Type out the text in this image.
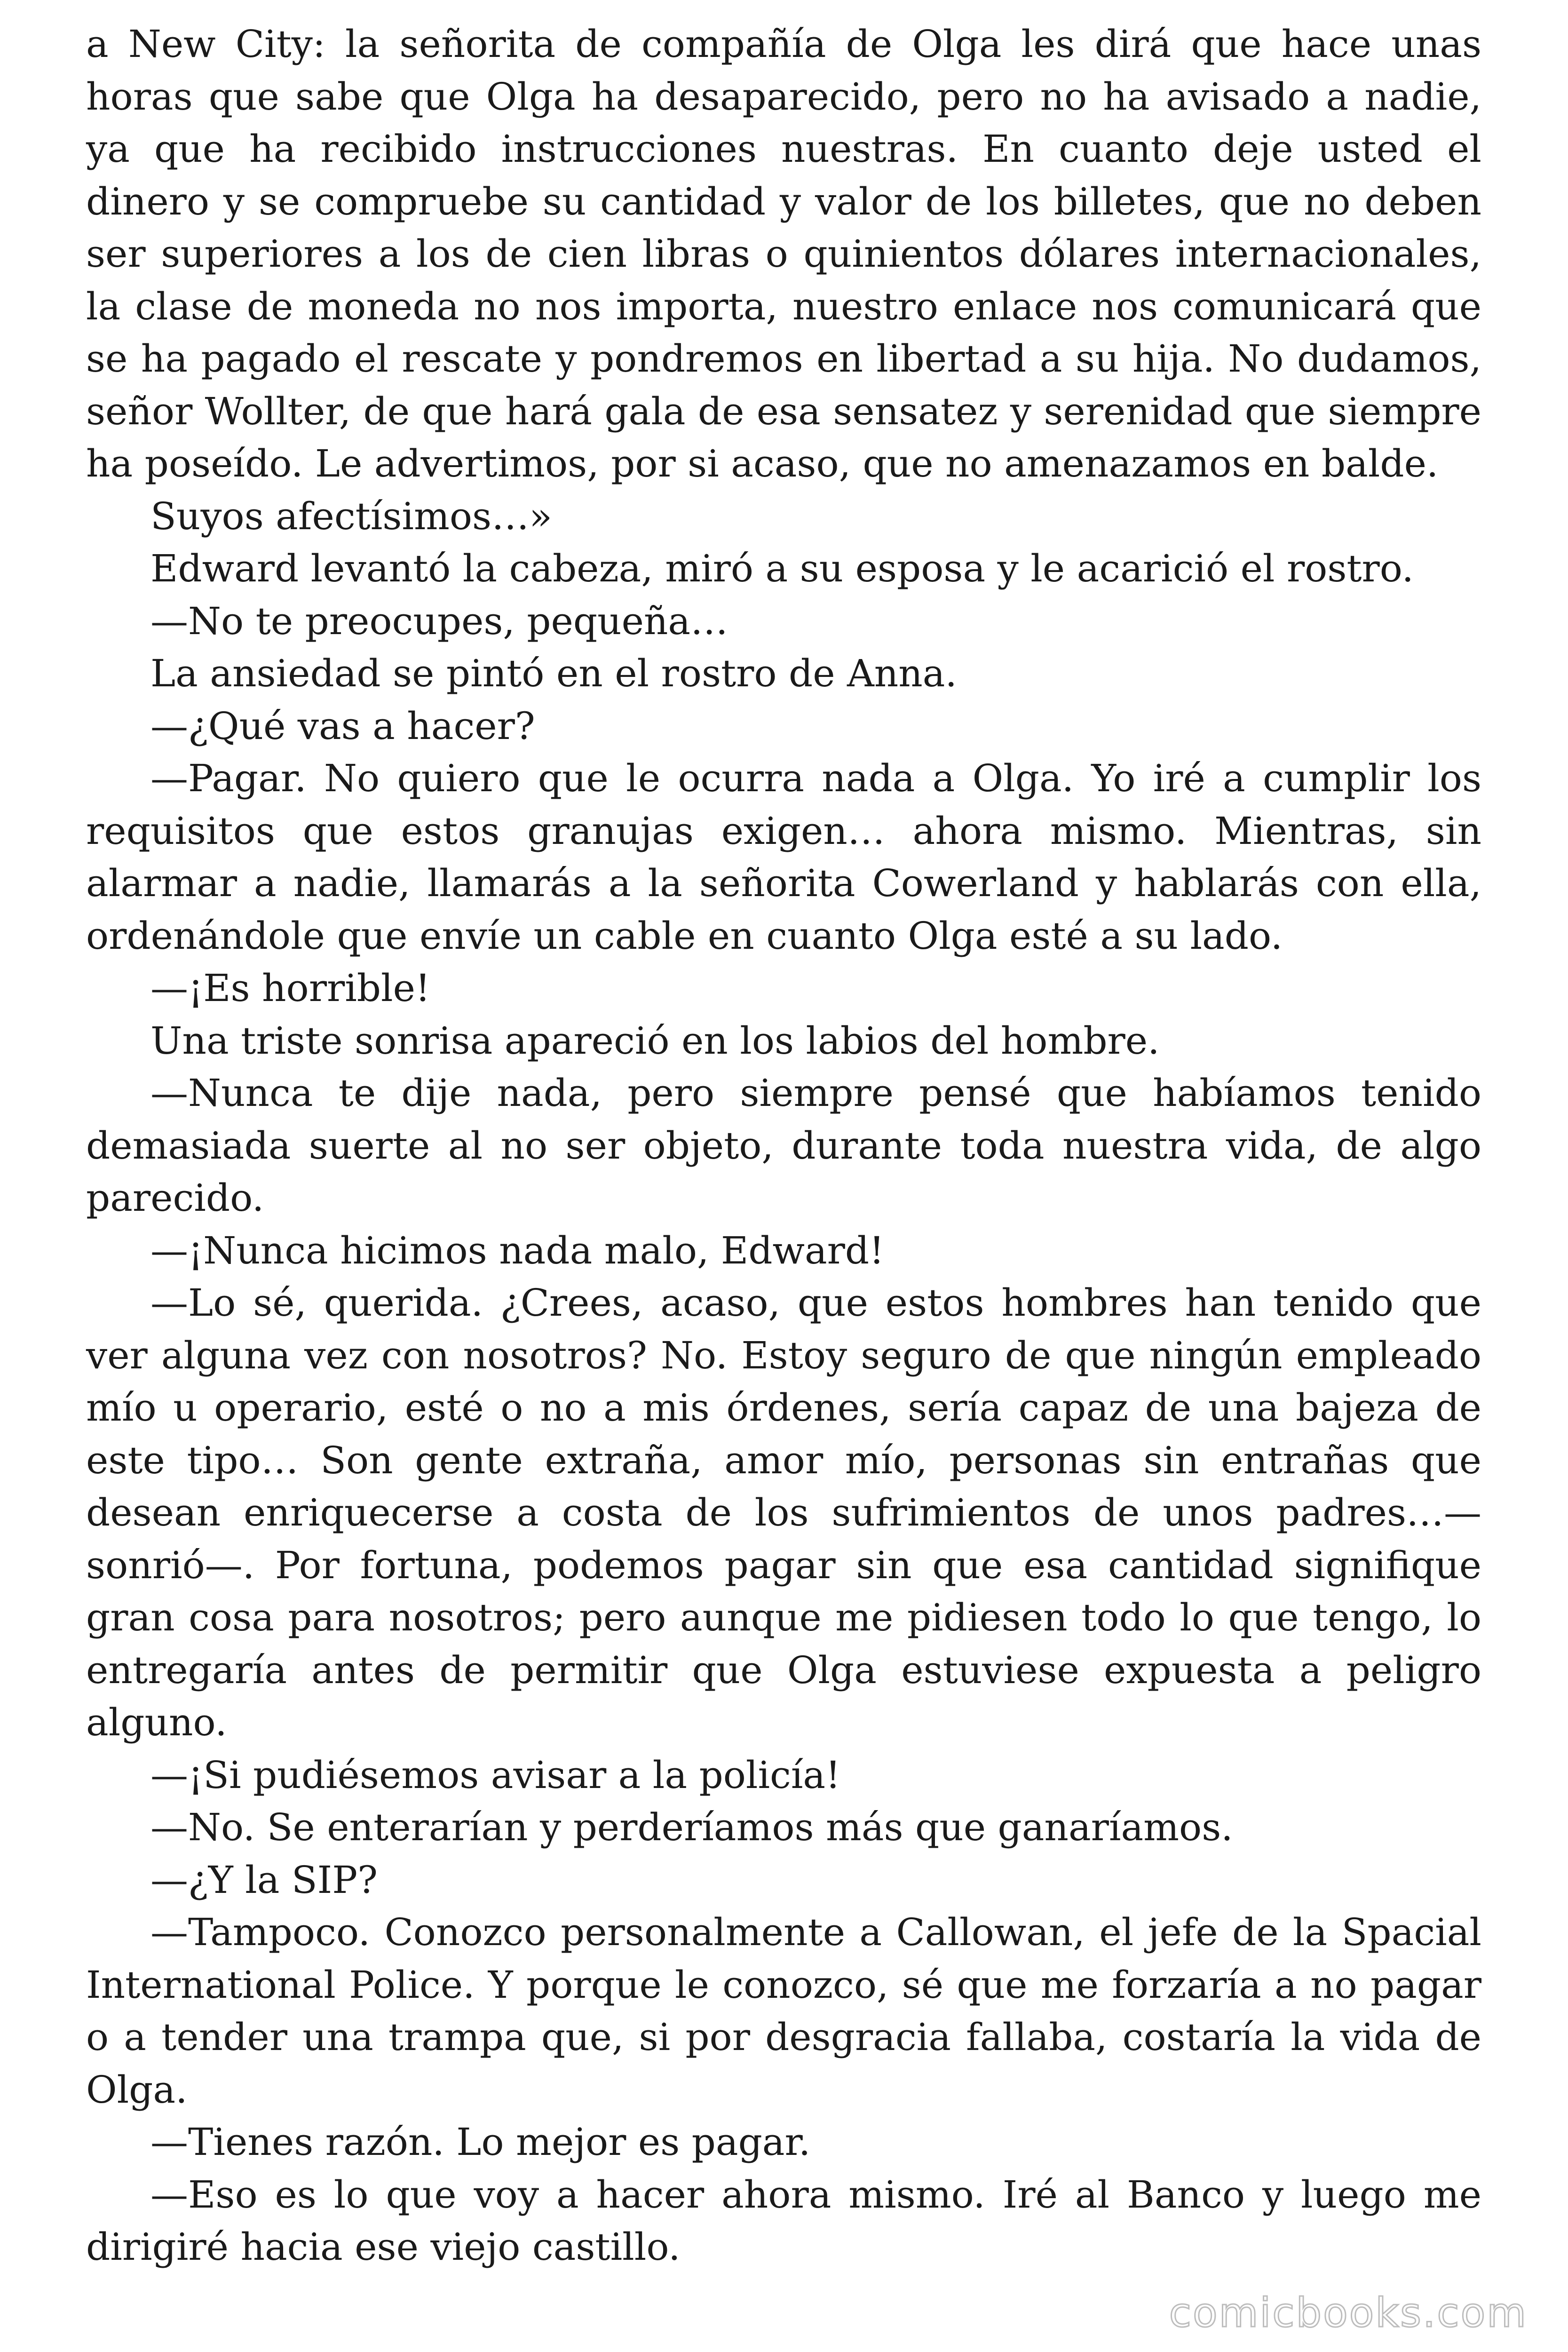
a New City: la señorita de compañía de Olga les dirá que hace unas horas que sabe que Olga ha desaparecido, pero no ha avisado a nadie, ya que ha recibido instrucciones nuestras. En cuanto deje usted el dinero y se compruebe su cantidad y valor de los billetes, que no deben ser superiores a los de cien libras o quinientos dólares internacionales, la clase de moneda no nos importa, nuestro enlace nos comunicará que se ha pagado el rescate y pondremos en libertad a su hija. No dudamos, señor Wollter, de que hará gala de esa sensatez y serenidad que siempre ha poseído. Le advertimos, por si acaso, que no amenazamos en balde.

Suyos afectísimos…»

Edward levantó la cabeza, miró a su esposa y le acarició el rostro.

—No te preocupes, pequeña…

La ansiedad se pintó en el rostro de Anna.

—¿Qué vas a hacer?

—Pagar. No quiero que le ocurra nada a Olga. Yo iré a cumplir los requisitos que estos granujas exigen… ahora mismo. Mientras, sin alarmar a nadie, llamarás a la señorita Cowerland y hablarás con ella, ordenándole que envíe un cable en cuanto Olga esté a su lado.

—¡Es horrible!

Una triste sonrisa apareció en los labios del hombre.

—Nunca te dije nada, pero siempre pensé que habíamos tenido demasiada suerte al no ser objeto, durante toda nuestra vida, de algo parecido.

—¡Nunca hicimos nada malo, Edward!

—Lo sé, querida. ¿Crees, acaso, que estos hombres han tenido que ver alguna vez con nosotros? No. Estoy seguro de que ningún empleado mío u operario, esté o no a mis órdenes, sería capaz de una bajeza de este tipo… Son gente extraña, amor mío, personas sin entrañas que desean enriquecerse a costa de los sufrimientos de unos padres…— sonrió—. Por fortuna, podemos pagar sin que esa cantidad signifique gran cosa para nosotros; pero aunque me pidiesen todo lo que tengo, lo entregaría antes de permitir que Olga estuviese expuesta a peligro alguno.

—¡Si pudiésemos avisar a la policía!

—No. Se enterarían y perderíamos más que ganaríamos.

—¿Y la SIP?

—Tampoco. Conozco personalmente a Callowan, el jefe de la Spacial International Police. Y porque le conozco, sé que me forzaría a no pagar o a tender una trampa que, si por desgracia fallaba, costaría la vida de Olga.

—Tienes razón. Lo mejor es pagar.

—Eso es lo que voy a hacer ahora mismo. Iré al Banco y luego me dirigiré hacia ese viejo castillo.

comicbooks.com
